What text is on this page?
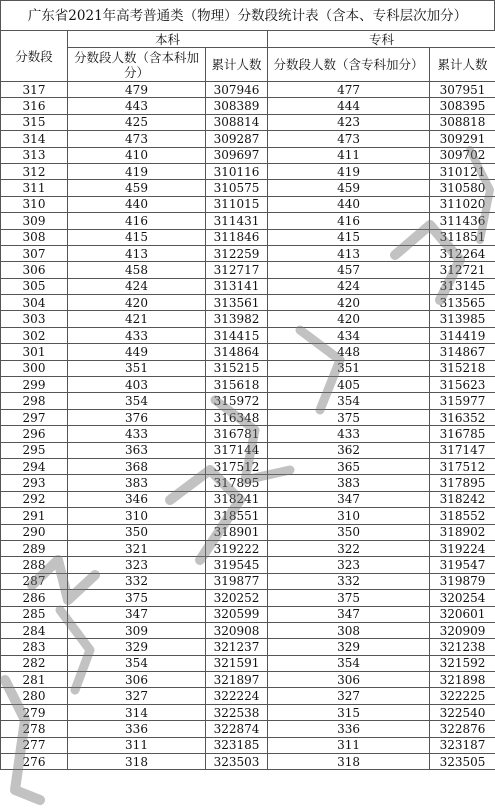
广东省2021年高考普通类（物理）分数段统计表（含本、专科层次加分）
分数段	本科		专科	
	分数段人数（含本科加分）	累计人数	分数段人数（含专科加分）	累计人数
317	479	307946	477	307951
316	443	308389	444	308395
315	425	308814	423	308818
314	473	309287	473	309291
313	410	309697	411	309702
312	419	310116	419	310121
311	459	310575	459	310580
310	440	311015	440	311020
309	416	311431	416	311436
308	415	311846	415	311851
307	413	312259	413	312264
306	458	312717	457	312721
305	424	313141	424	313145
304	420	313561	420	313565
303	421	313982	420	313985
302	433	314415	434	314419
301	449	314864	448	314867
300	351	315215	351	315218
299	403	315618	405	315623
298	354	315972	354	315977
297	376	316348	375	316352
296	433	316781	433	316785
295	363	317144	362	317147
294	368	317512	365	317512
293	383	317895	383	317895
292	346	318241	347	318242
291	310	318551	310	318552
290	350	318901	350	318902
289	321	319222	322	319224
288	323	319545	323	319547
287	332	319877	332	319879
286	375	320252	375	320254
285	347	320599	347	320601
284	309	320908	308	320909
283	329	321237	329	321238
282	354	321591	354	321592
281	306	321897	306	321898
280	327	322224	327	322225
279	314	322538	315	322540
278	336	322874	336	322876
277	311	323185	311	323187
276	318	323503	318	323505
